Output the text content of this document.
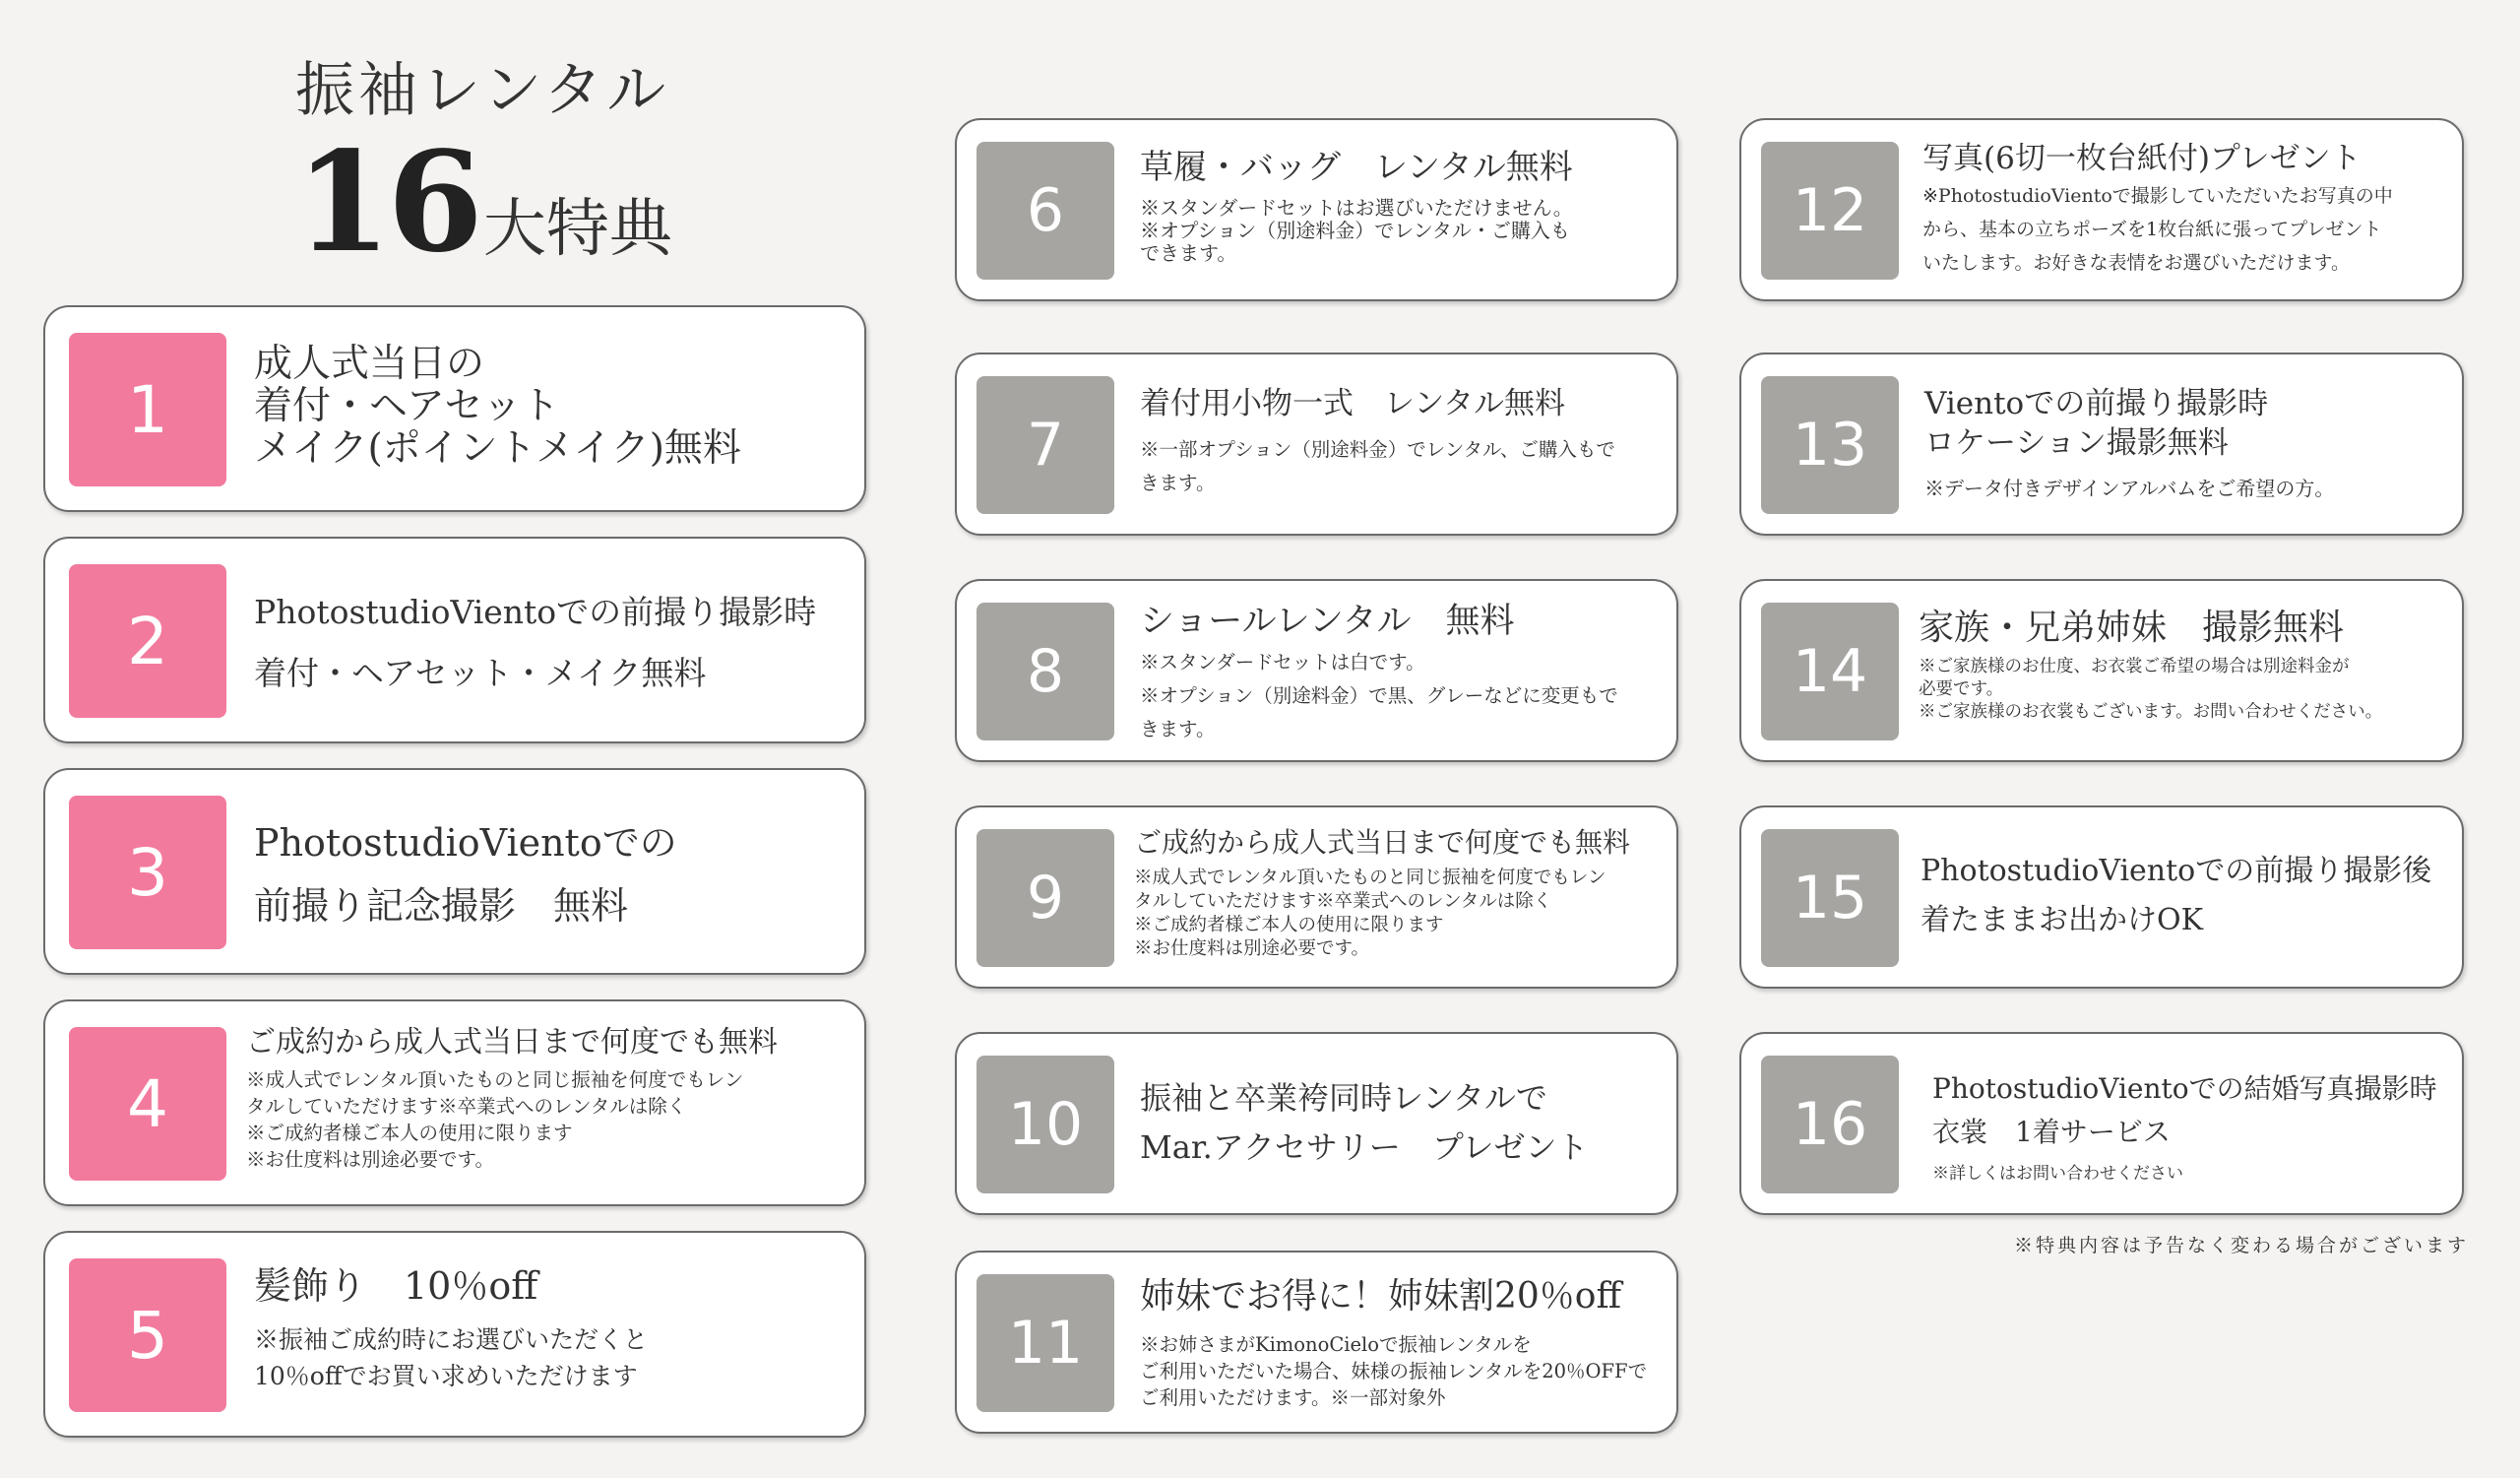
振袖レンタル
16大特典
1
成人式当日の
着付・ヘアセット
メイク(ポイントメイク)無料
2	PhotostudioVientoでの前撮り撮影時
着付・ヘアセット・メイク無料
3	PhotostudioVientoでの
前撮り記念撮影　無料
4
ご成約から成人式当日まで何度でも無料
※成人式でレンタル頂いたものと同じ振袖を何度でもレン
タルしていただけます※卒業式へのレンタルは除く
※ご成約者様ご本人の使用に限ります
※お仕度料は別途必要です。
5
髪飾り　10％off
※振袖ご成約時にお選びいただくと
10％offでお買い求めいただけます
6
草履・バッグ　レンタル無料
※スタンダードセットはお選びいただけません。
※オプション（別途料金）でレンタル・ご購入も
できます。
7
着付用小物一式　レンタル無料
※一部オプション（別途料金）でレンタル、ご購入もで
きます。
8
ショールレンタル　無料
※スタンダードセットは白です。
※オプション（別途料金）で黒、グレーなどに変更もで
きます。
9
ご成約から成人式当日まで何度でも無料
※成人式でレンタル頂いたものと同じ振袖を何度でもレン
タルしていただけます※卒業式へのレンタルは除く
※ご成約者様ご本人の使用に限ります
※お仕度料は別途必要です。
10	振袖と卒業袴同時レンタルで
Mar.アクセサリー　プレゼント
11
姉妹でお得に！姉妹割20％off
※お姉さまがKimonoCieloで振袖レンタルを
ご利用いただいた場合、妹様の振袖レンタルを20％OFFで
ご利用いただけます。※一部対象外
12
写真(6切一枚台紙付)プレゼント
※PhotostudioVientoで撮影していただいたお写真の中
から、基本の立ちポーズを1枚台紙に張ってプレゼント
いたします。お好きな表情をお選びいただけます。
13
Vientoでの前撮り撮影時
ロケーション撮影無料
※データ付きデザインアルバムをご希望の方。
14
家族・兄弟姉妹　撮影無料
※ご家族様のお仕度、お衣裳ご希望の場合は別途料金が
必要です。
※ご家族様のお衣裳もございます。お問い合わせください。
15	PhotostudioVientoでの前撮り撮影後
着たままお出かけOK
16
PhotostudioVientoでの結婚写真撮影時
衣裳　1着サービス
※詳しくはお問い合わせください
※特典内容は予告なく変わる場合がございます
